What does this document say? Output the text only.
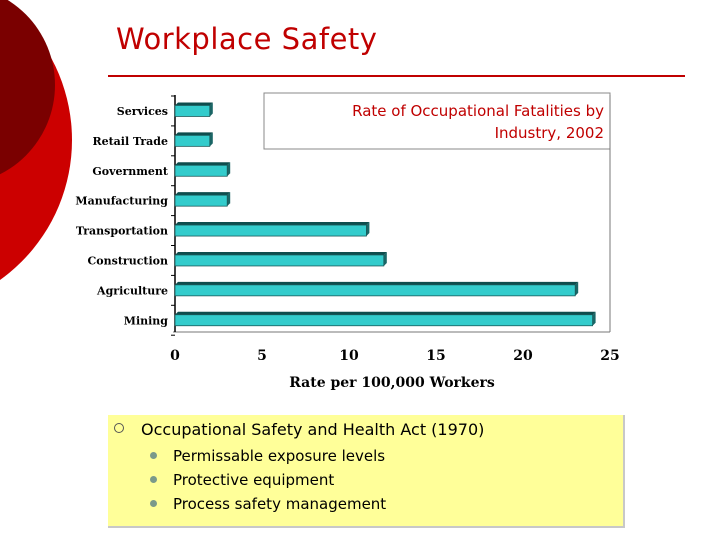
Workplace Safety
Rate of Occupational Fatalities by
Industry, 2002
Services
Retail Trade
Government
Manufacturing
Transportation
Construction
Agriculture
Mining
0	5	10	15	20	25
Rate per 100,000 Workers
Occupational Safety and Health Act (1970)
Permissable exposure levels
Protective equipment
Process safety management
